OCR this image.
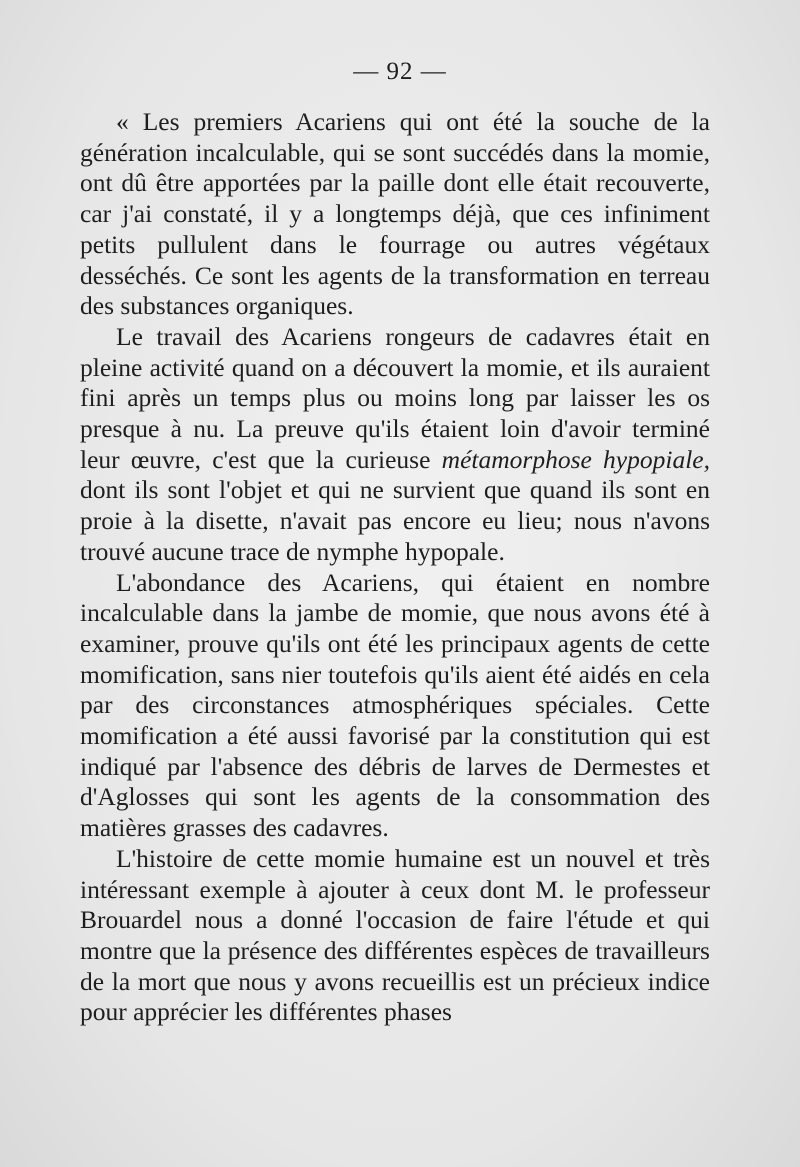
— 92 —

« Les premiers Acariens qui ont été la souche de la génération incalculable, qui se sont succédés dans la momie, ont dû être apportées par la paille dont elle était recouverte, car j'ai constaté, il y a longtemps déjà, que ces infiniment petits pullulent dans le fourrage ou autres végétaux desséchés. Ce sont les agents de la transformation en terreau des substances organiques.

Le travail des Acariens rongeurs de cadavres était en pleine activité quand on a découvert la momie, et ils auraient fini après un temps plus ou moins long par laisser les os presque à nu. La preuve qu'ils étaient loin d'avoir terminé leur œuvre, c'est que la curieuse métamorphose hypopiale, dont ils sont l'objet et qui ne survient que quand ils sont en proie à la disette, n'avait pas encore eu lieu; nous n'avons trouvé aucune trace de nymphe hypopale.

L'abondance des Acariens, qui étaient en nombre incalculable dans la jambe de momie, que nous avons été à examiner, prouve qu'ils ont été les principaux agents de cette momification, sans nier toutefois qu'ils aient été aidés en cela par des circonstances atmosphériques spéciales. Cette momification a été aussi favorisé par la constitution qui est indiqué par l'absence des débris de larves de Dermestes et d'Aglosses qui sont les agents de la consommation des matières grasses des cadavres.

L'histoire de cette momie humaine est un nouvel et très intéressant exemple à ajouter à ceux dont M. le professeur Brouardel nous a donné l'occasion de faire l'étude et qui montre que la présence des différentes espèces de travailleurs de la mort que nous y avons recueillis est un précieux indice pour apprécier les différentes phases
